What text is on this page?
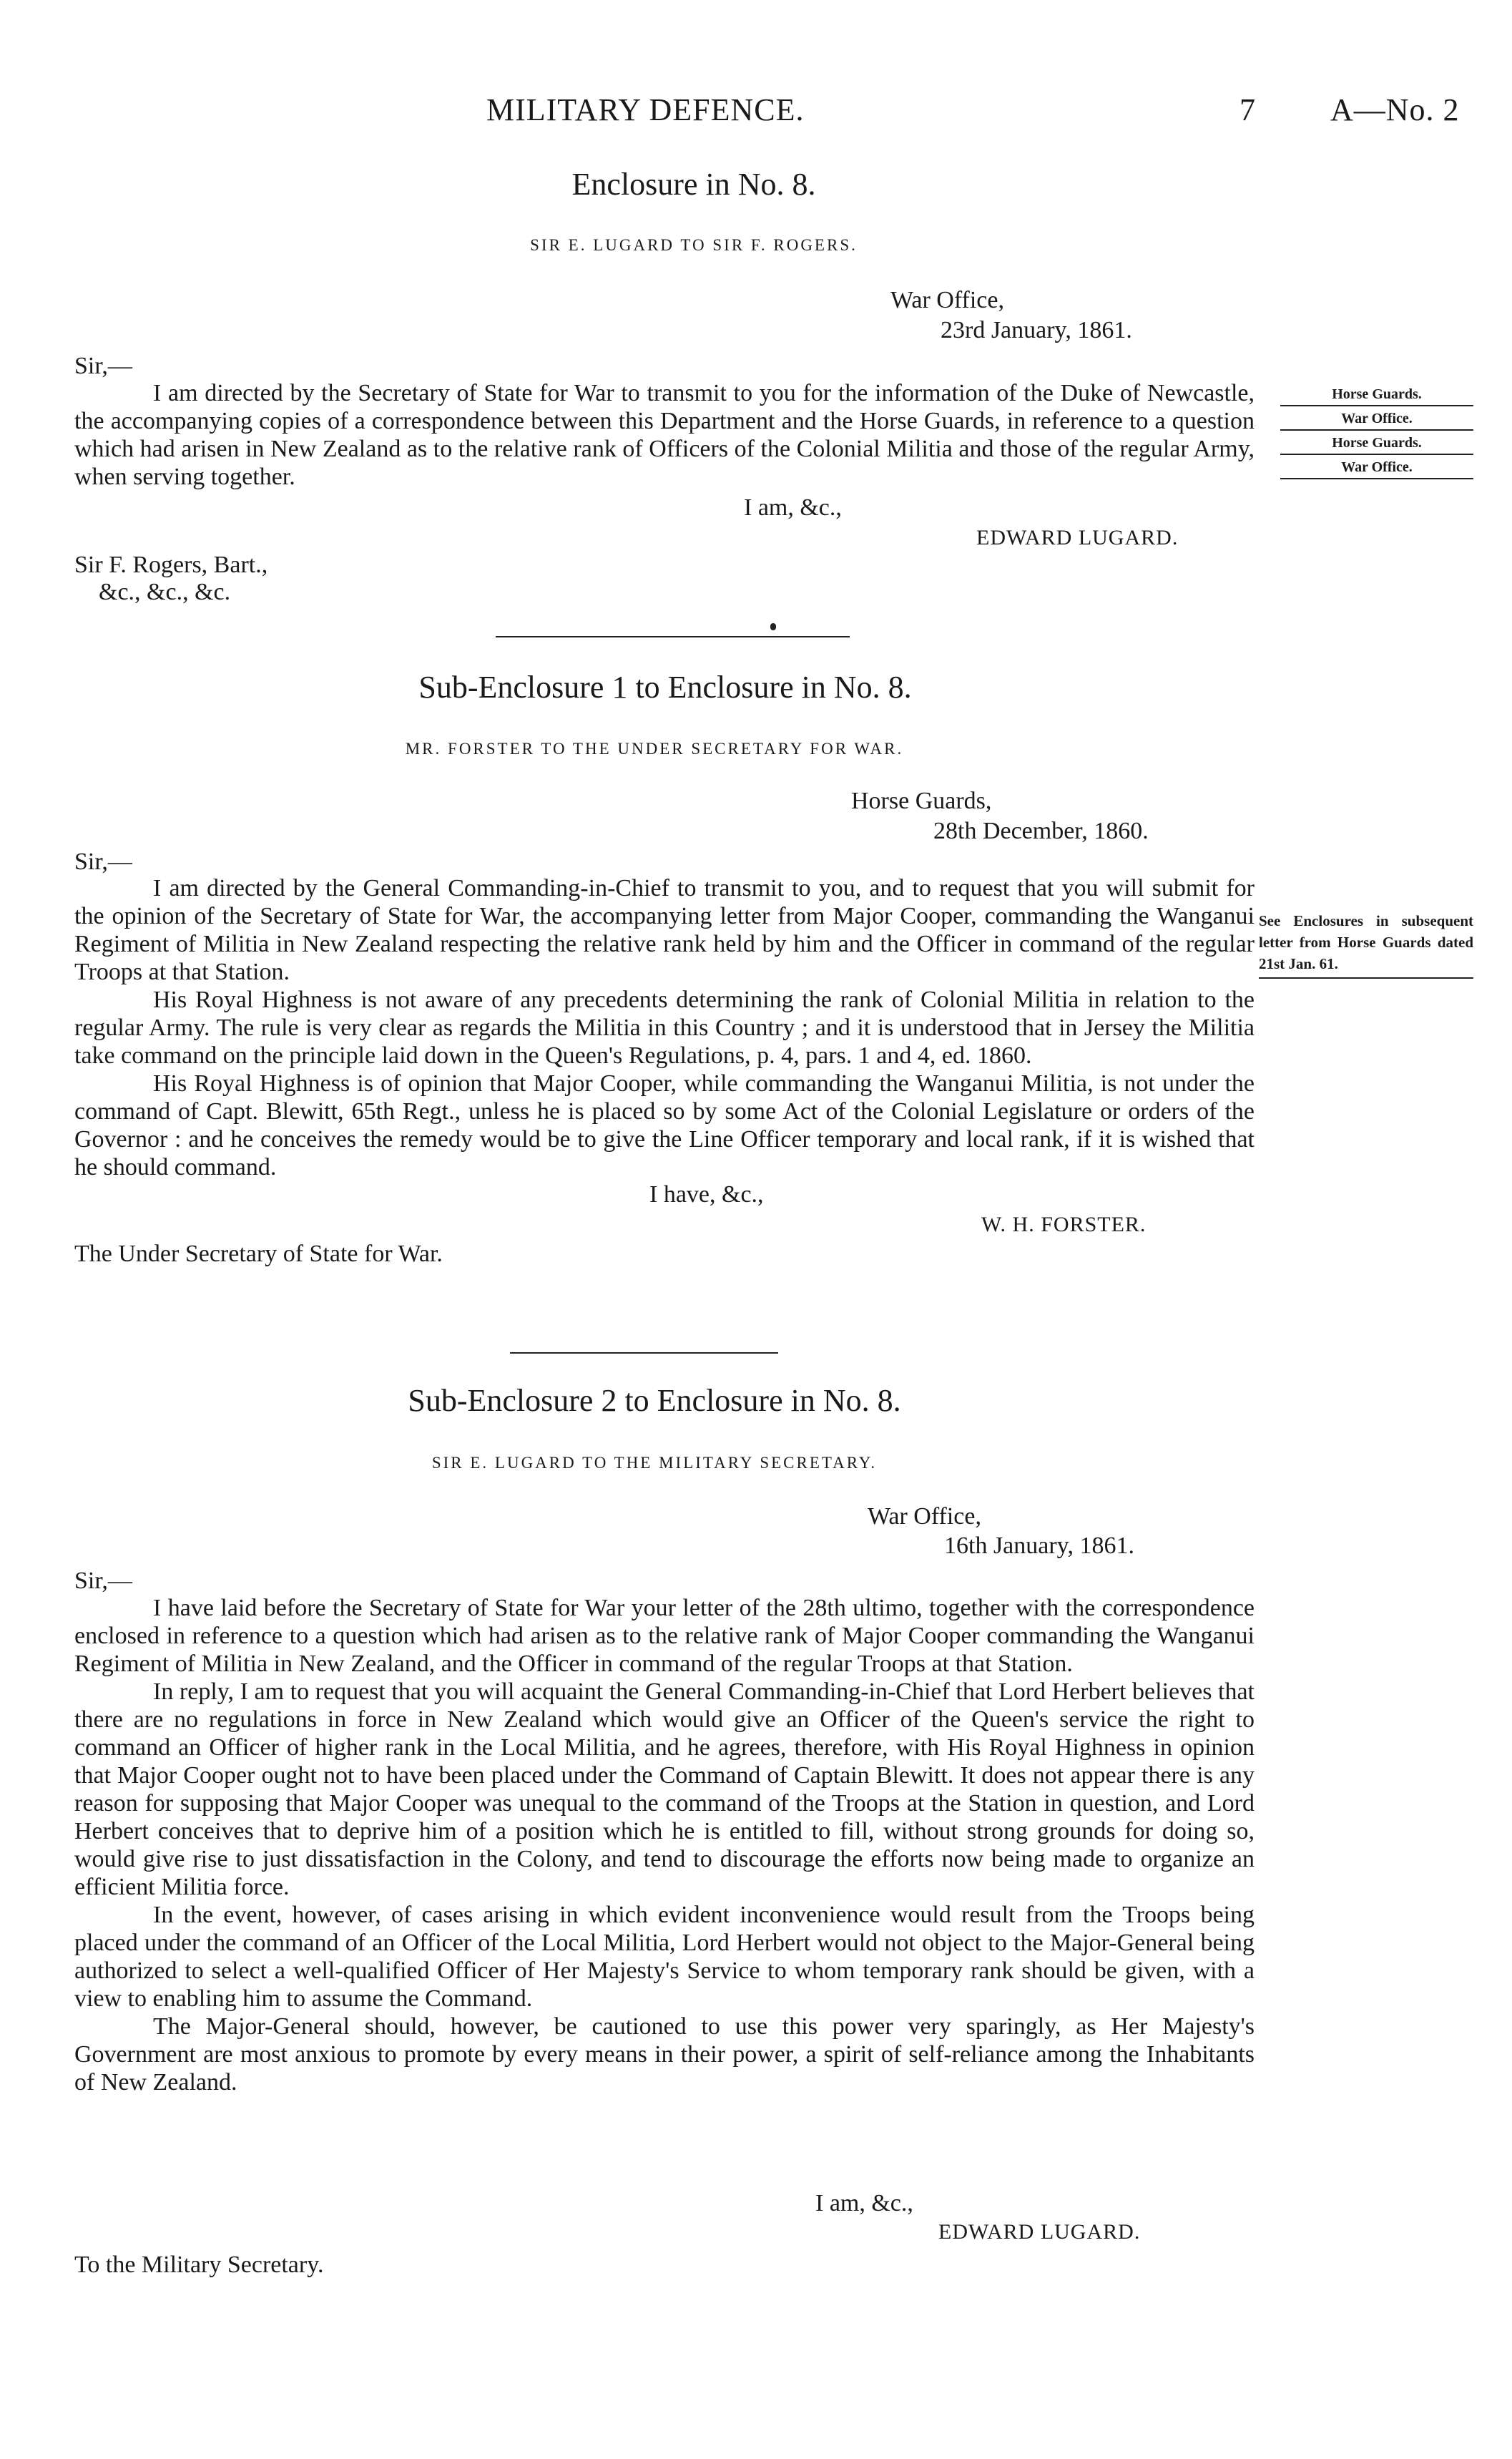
MILITARY DEFENCE.	7 A—No. 2
Enclosure in No. 8.
SIR E. LUGARD TO SIR F. ROGERS.
War Office,
23rd January, 1861.
Sir,—

I am directed by the Secretary of State for War to transmit to you for the information of the Duke of Newcastle, the accompanying copies of a correspondence between this Department and the Horse Guards, in reference to a question which had arisen in New Zealand as to the relative rank of Officers of the Colonial Militia and those of the regular Army, when serving together.

I am, &c.,
EDWARD LUGARD.
Sir F. Rogers, Bart.,
&c., &c., &c.
Horse Guards.
War Office.
Horse Guards.
War Office.
Sub-Enclosure 1 to Enclosure in No. 8.
MR. FORSTER TO THE UNDER SECRETARY FOR WAR.
Horse Guards,
28th December, 1860.
Sir,—

I am directed by the General Commanding-in-Chief to transmit to you, and to request that you will submit for the opinion of the Secretary of State for War, the accompanying letter from Major Cooper, commanding the Wanganui Regiment of Militia in New Zealand respecting the relative rank held by him and the Officer in command of the regular Troops at that Station.

His Royal Highness is not aware of any precedents determining the rank of Colonial Militia in relation to the regular Army. The rule is very clear as regards the Militia in this Country ; and it is understood that in Jersey the Militia take command on the principle laid down in the Queen's Regulations, p. 4, pars. 1 and 4, ed. 1860.

His Royal Highness is of opinion that Major Cooper, while commanding the Wanganui Militia, is not under the command of Capt. Blewitt, 65th Regt., unless he is placed so by some Act of the Colonial Legislature or orders of the Governor : and he conceives the remedy would be to give the Line Officer temporary and local rank, if it is wished that he should command.

I have, &c.,
W. H. FORSTER.
The Under Secretary of State for War.
See Enclosures in subsequent letter from Horse Guards dated 21st Jan. 61.
Sub-Enclosure 2 to Enclosure in No. 8.
SIR E. LUGARD TO THE MILITARY SECRETARY.
War Office,
16th January, 1861.
Sir,—

I have laid before the Secretary of State for War your letter of the 28th ultimo, together with the correspondence enclosed in reference to a question which had arisen as to the relative rank of Major Cooper commanding the Wanganui Regiment of Militia in New Zealand, and the Officer in command of the regular Troops at that Station.

In reply, I am to request that you will acquaint the General Commanding-in-Chief that Lord Herbert believes that there are no regulations in force in New Zealand which would give an Officer of the Queen's service the right to command an Officer of higher rank in the Local Militia, and he agrees, therefore, with His Royal Highness in opinion that Major Cooper ought not to have been placed under the Command of Captain Blewitt. It does not appear there is any reason for supposing that Major Cooper was unequal to the command of the Troops at the Station in question, and Lord Herbert conceives that to deprive him of a position which he is entitled to fill, without strong grounds for doing so, would give rise to just dissatisfaction in the Colony, and tend to discourage the efforts now being made to organize an efficient Militia force.

In the event, however, of cases arising in which evident inconvenience would result from the Troops being placed under the command of an Officer of the Local Militia, Lord Herbert would not object to the Major-General being authorized to select a well-qualified Officer of Her Majesty's Service to whom temporary rank should be given, with a view to enabling him to assume the Command.

The Major-General should, however, be cautioned to use this power very sparingly, as Her Majesty's Government are most anxious to promote by every means in their power, a spirit of self-reliance among the Inhabitants of New Zealand.

I am, &c.,
EDWARD LUGARD.
To the Military Secretary.
